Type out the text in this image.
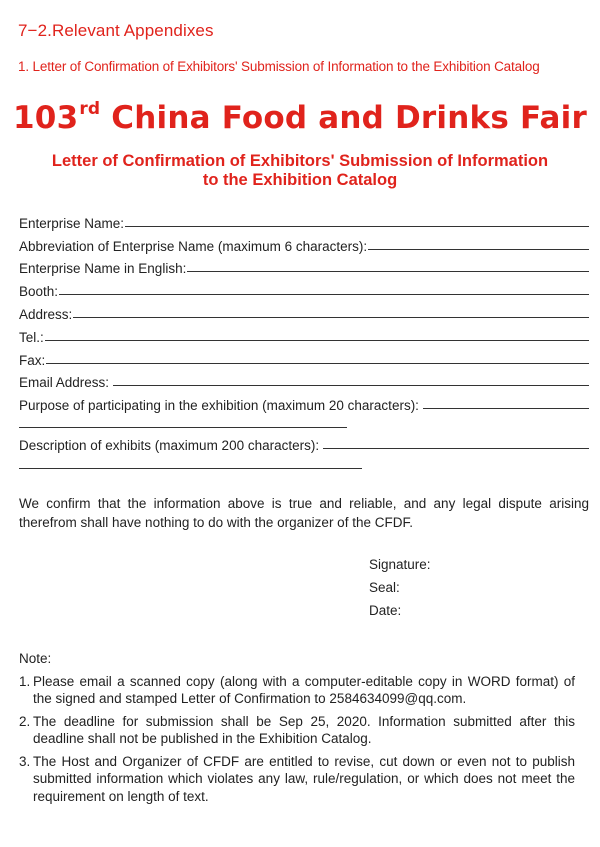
7−2.Relevant Appendixes
1. Letter of Confirmation of Exhibitors' Submission of Information to the Exhibition Catalog
103rd China Food and Drinks Fair
Letter of Confirmation of Exhibitors' Submission of Information
to the Exhibition Catalog
Enterprise Name:
Abbreviation of Enterprise Name (maximum 6 characters):
Enterprise Name in English:
Booth:
Address:
Tel.:
Fax:
Email Address:
Purpose of participating in the exhibition (maximum 20 characters):
Description of exhibits (maximum 200 characters):
We confirm that the information above is true and reliable, and any legal dispute arising therefrom shall have nothing to do with the organizer of the CFDF.
Signature:
Seal:
Date:
Note:
1. Please email a scanned copy (along with a computer-editable copy in WORD format) of the signed and stamped Letter of Confirmation to 2584634099@qq.com.
2. The deadline for submission shall be Sep 25, 2020. Information submitted after this deadline shall not be published in the Exhibition Catalog.
3. The Host and Organizer of CFDF are entitled to revise, cut down or even not to publish submitted information which violates any law, rule/regulation, or which does not meet the requirement on length of text.
